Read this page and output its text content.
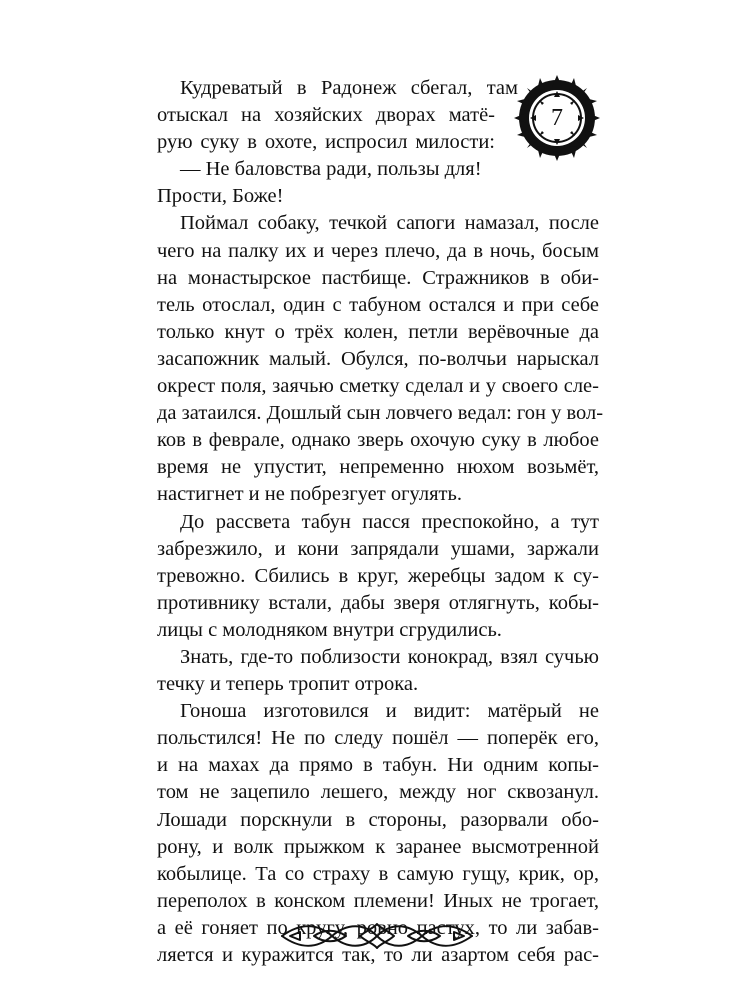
7
Кудреватый в Радонеж сбегал, там
отыскал на хозяйских дворах матё-
рую суку в охоте, испросил милости:
— Не баловства ради, пользы для!
Прости, Боже!
Поймал собаку, течкой сапоги намазал, после
чего на палку их и через плечо, да в ночь, босым
на монастырское пастбище. Стражников в оби-
тель отослал, один с табуном остался и при себе
только кнут о трёх колен, петли верёвочные да
засапожник малый. Обулся, по-волчьи нарыскал
окрест поля, заячью сметку сделал и у своего сле-
да затаился. Дошлый сын ловчего ведал: гон у вол-
ков в феврале, однако зверь охочую суку в любое
время не упустит, непременно нюхом возьмёт,
настигнет и не побрезгует огулять.
До рассвета табун пасся преспокойно, а тут
забрезжило, и кони запрядали ушами, заржали
тревожно. Сбились в круг, жеребцы задом к су-
противнику встали, дабы зверя отлягнуть, кобы-
лицы с молодняком внутри сгрудились.
Знать, где-то поблизости конокрад, взял сучью
течку и теперь тропит отрока.
Гоноша изготовился и видит: матёрый не
польстился! Не по следу пошёл — поперёк его,
и на махах да прямо в табун. Ни одним копы-
том не зацепило лешего, между ног сквозанул.
Лошади порскнули в стороны, разорвали обо-
рону, и волк прыжком к заранее высмотренной
кобылице. Та со страху в самую гущу, крик, ор,
переполох в конском племени! Иных не трогает,
а её гоняет по кругу, ровно пастух, то ли забав-
ляется и куражится так, то ли азартом себя рас-
